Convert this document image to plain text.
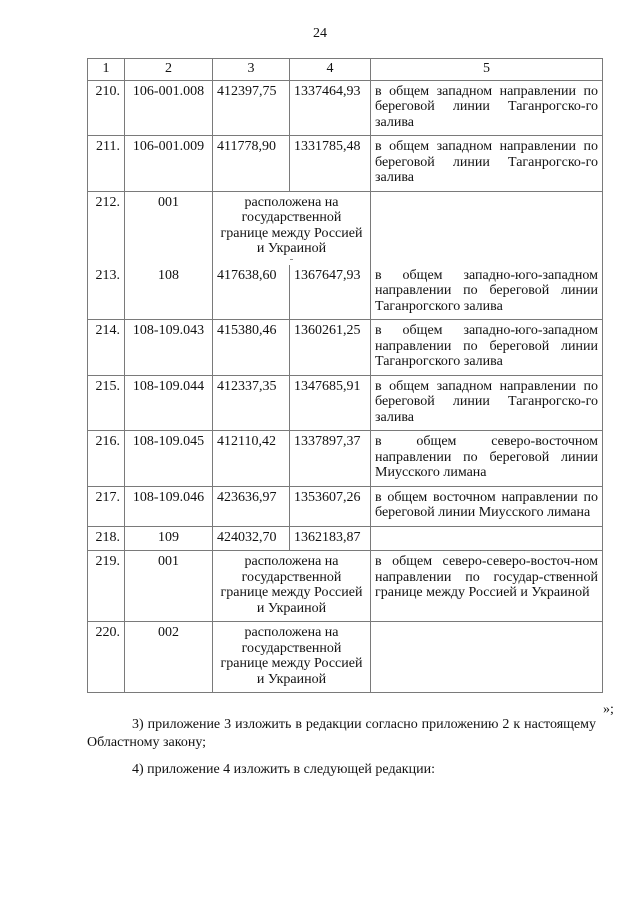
24
1	2	3	4	5
210.	106-001.008	412397,75	1337464,93	в общем западном направлении по береговой линии Таганрогско-го залива
211.	106-001.009	411778,90	1331785,48	в общем западном направлении по береговой линии Таганрогско-го залива
212.	001	расположена на государственной границе между Россией и Украиной	

213.	108	417638,60	1367647,93	в общем западно-юго-западном направлении по береговой линии Таганрогского залива
214.	108-109.043	415380,46	1360261,25	в общем западно-юго-западном направлении по береговой линии Таганрогского залива
215.	108-109.044	412337,35	1347685,91	в общем западном направлении по береговой линии Таганрогско-го залива
216.	108-109.045	412110,42	1337897,37	в общем северо-восточном направлении по береговой линии Миусского лимана
217.	108-109.046	423636,97	1353607,26	в общем восточном направлении по береговой линии Миусского лимана
218.	109	424032,70	1362183,87	
219.	001	расположена на государственной границе между Россией и Украиной		в общем северо-северо-восточ-ном направлении по государ-ственной границе между Россией и Украиной
220.	002	расположена на государственной границе между Россией и Украиной		
»;

3) приложение 3 изложить в редакции согласно приложению 2 к настоящему Областному закону;

4) приложение 4 изложить в следующей редакции:
